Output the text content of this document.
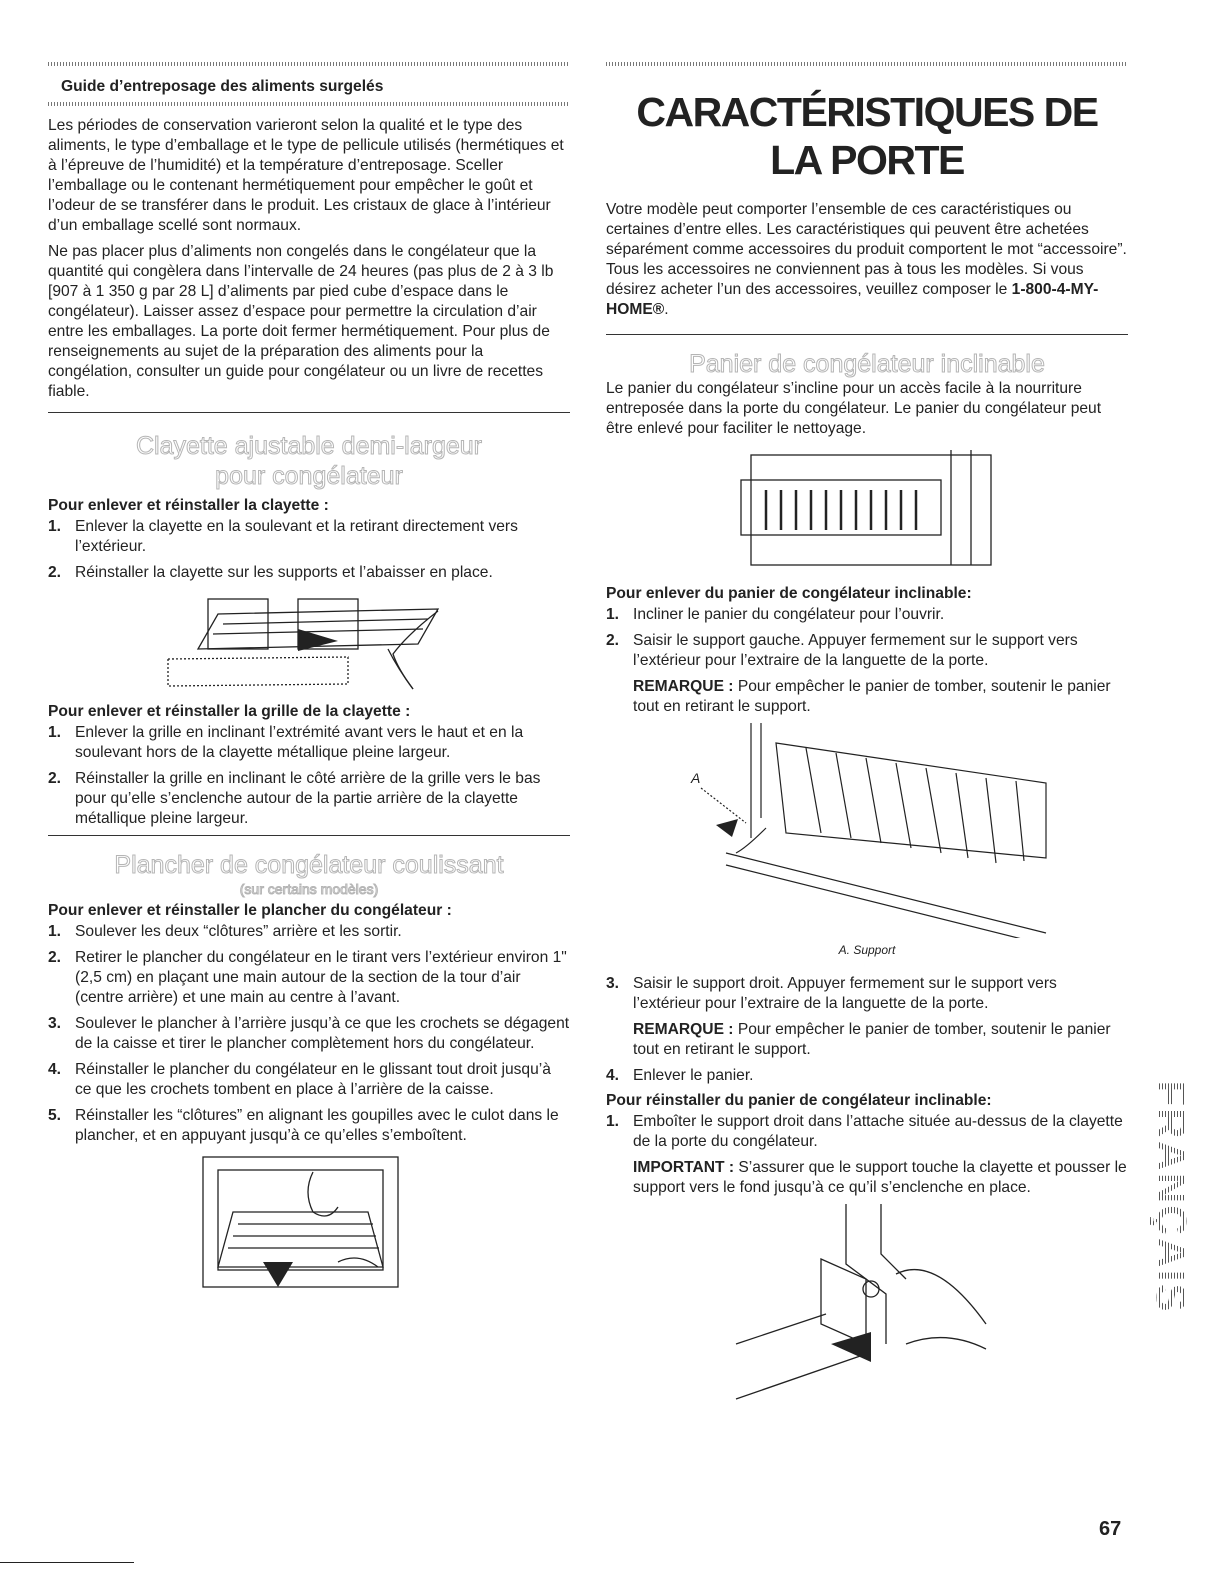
Guide d’entreposage des aliments surgelés

Les périodes de conservation varieront selon la qualité et le type des aliments, le type d’emballage et le type de pellicule utilisés (hermétiques et à l’épreuve de l’humidité) et la température d’entreposage. Sceller l’emballage ou le contenant hermétiquement pour empêcher le goût et l’odeur de se transférer dans le produit. Les cristaux de glace à l’intérieur d’un emballage scellé sont normaux.

Ne pas placer plus d’aliments non congelés dans le congélateur que la quantité qui congèlera dans l’intervalle de 24 heures (pas plus de 2 à 3 lb [907 à 1 350 g par 28 L] d’aliments par pied cube d’espace dans le congélateur). Laisser assez d’espace pour permettre la circulation d’air entre les emballages. La porte doit fermer hermétiquement. Pour plus de renseignements au sujet de la préparation des aliments pour la congélation, consulter un guide pour congélateur ou un livre de recettes fiable.

Clayette ajustable demi-largeur

pour congélateur

Pour enlever et réinstaller la clayette :
1. Enlever la clayette en la soulevant et la retirant directement vers l’extérieur.
2. Réinstaller la clayette sur les supports et l’abaisser en place.
Pour enlever et réinstaller la grille de la clayette :
1. Enlever la grille en inclinant l’extrémité avant vers le haut et en la soulevant hors de la clayette métallique pleine largeur.
2. Réinstaller la grille en inclinant le côté arrière de la grille vers le bas pour qu’elle s’enclenche autour de la partie arrière de la clayette métallique pleine largeur.

Plancher de congélateur coulissant

(sur certains modèles)

Pour enlever et réinstaller le plancher du congélateur :
1. Soulever les deux “clôtures” arrière et les sortir.
2. Retirer le plancher du congélateur en le tirant vers l’extérieur environ 1" (2,5 cm) en plaçant une main autour de la section de la tour d’air (centre arrière) et une main au centre à l’avant.
3. Soulever le plancher à l’arrière jusqu’à ce que les crochets se dégagent de la caisse et tirer le plancher complètement hors du congélateur.
4. Réinstaller le plancher du congélateur en le glissant tout droit jusqu’à ce que les crochets tombent en place à l’arrière de la caisse.
5. Réinstaller les “clôtures” en alignant les goupilles avec le culot dans le plancher, et en appuyant jusqu’à ce qu’elles s’emboîtent.
CARACTÉRISTIQUES DE
LA PORTE

Votre modèle peut comporter l’ensemble de ces caractéristiques ou certaines d’entre elles. Les caractéristiques qui peuvent être achetées séparément comme accessoires du produit comportent le mot “accessoire”. Tous les accessoires ne conviennent pas à tous les modèles. Si vous désirez acheter l’un des accessoires, veuillez composer le 1-800-4-MY-HOME®.

Panier de congélateur inclinable

Le panier du congélateur s’incline pour un accès facile à la nourriture entreposée dans la porte du congélateur. Le panier du congélateur peut être enlevé pour faciliter le nettoyage.

Pour enlever du panier de congélateur inclinable:
1. Incliner le panier du congélateur pour l’ouvrir.
2. Saisir le support gauche. Appuyer fermement sur le support vers l’extérieur pour l’extraire de la languette de la porte.

REMARQUE : Pour empêcher le panier de tomber, soutenir le panier tout en retirant le support.

A

A. Support

3. Saisir le support droit. Appuyer fermement sur le support vers l’extérieur pour l’extraire de la languette de la porte.

REMARQUE : Pour empêcher le panier de tomber, soutenir le panier tout en retirant le support.

4. Enlever le panier.
Pour réinstaller du panier de congélateur inclinable:
1. Emboîter le support droit dans l’attache située au-dessus de la clayette de la porte du congélateur.

IMPORTANT : S’assurer que le support touche la clayette et pousser le support vers le fond jusqu’à ce qu’il s’enclenche en place.	FRANÇAIS
67
